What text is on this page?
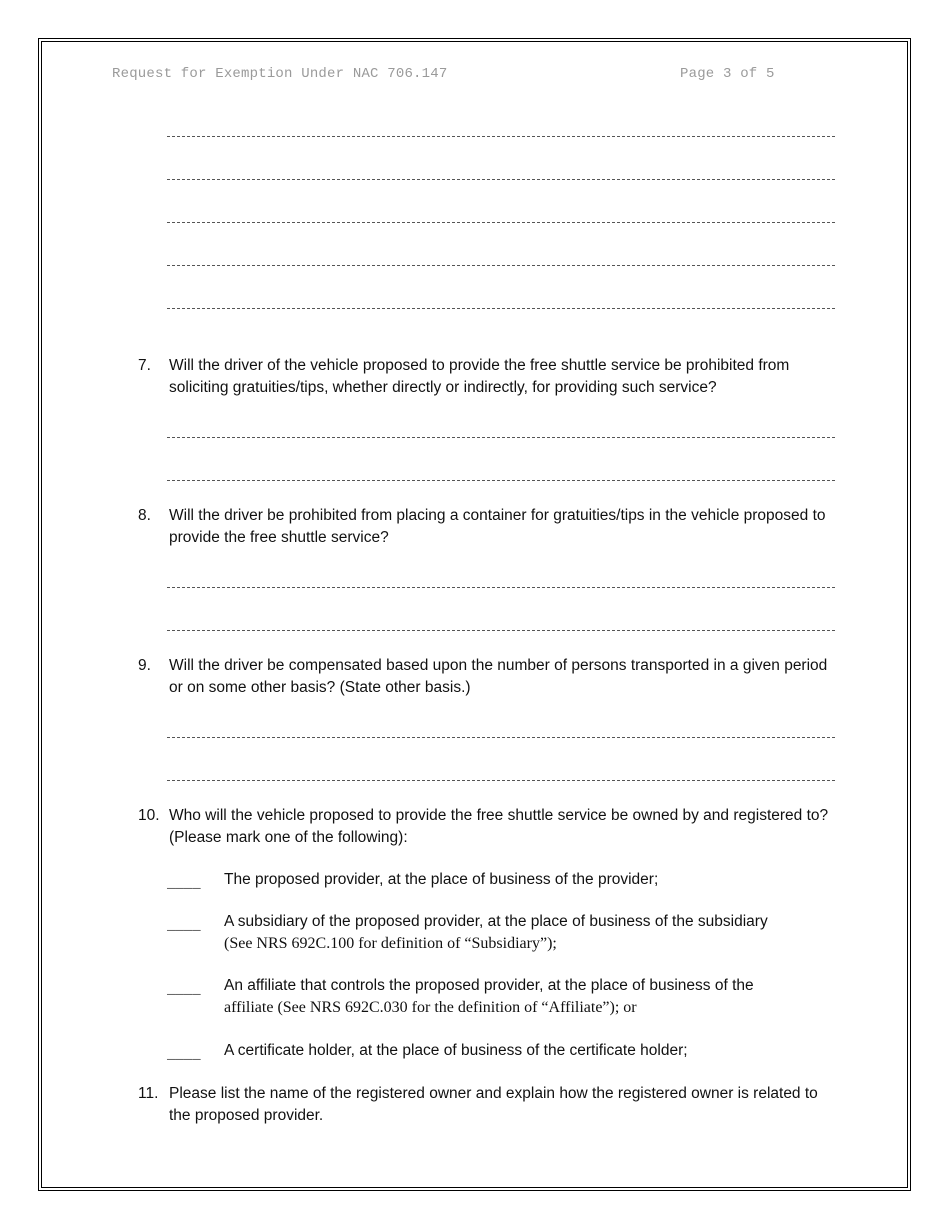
Request for Exemption Under NAC 706.147	Page 3 of 5
7. Will the driver of the vehicle proposed to provide the free shuttle service be prohibited from soliciting gratuities/tips, whether directly or indirectly, for providing such service?
8. Will the driver be prohibited from placing a container for gratuities/tips in the vehicle proposed to provide the free shuttle service?
9. Will the driver be compensated based upon the number of persons transported in a given period or on some other basis? (State other basis.)
10. Who will the vehicle proposed to provide the free shuttle service be owned by and registered to? (Please mark one of the following):
____ The proposed provider, at the place of business of the provider;
____ A subsidiary of the proposed provider, at the place of business of the subsidiary
(See NRS 692C.100 for definition of “Subsidiary”);
____ An affiliate that controls the proposed provider, at the place of business of the
affiliate (See NRS 692C.030 for the definition of “Affiliate”); or
____ A certificate holder, at the place of business of the certificate holder;
11. Please list the name of the registered owner and explain how the registered owner is related to the proposed provider.
